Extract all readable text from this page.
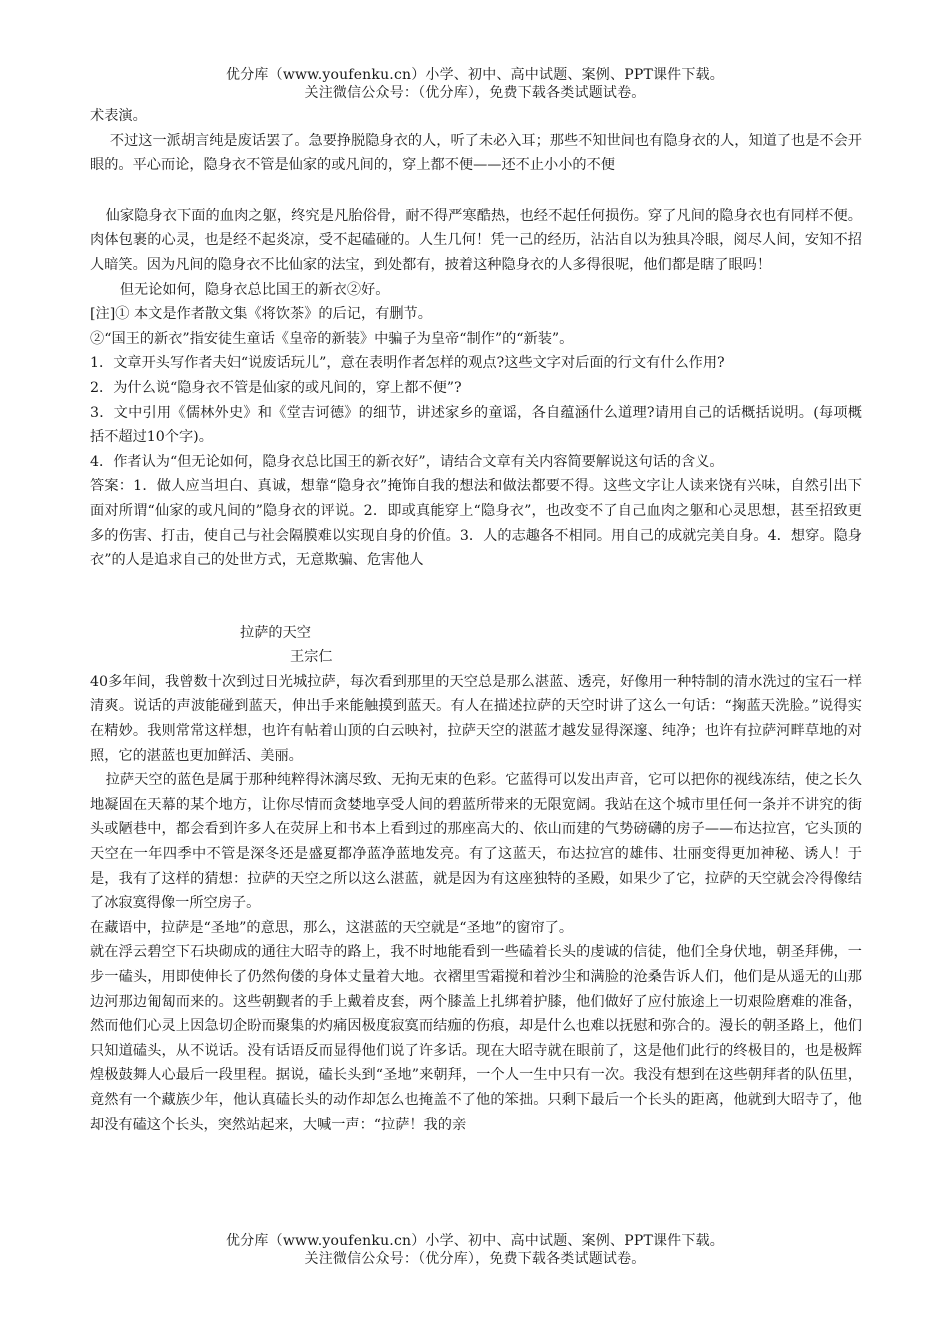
优分库（www.youfenku.cn）小学、初中、高中试题、案例、PPT课件下载。
关注微信公众号：（优分库），免费下载各类试题试卷。

术表演。

不过这一派胡言纯是废话罢了。急要挣脱隐身衣的人，听了未必入耳；那些不知世间也有隐身衣的人，知道了也是不会开眼的。平心而论，隐身衣不管是仙家的或凡间的，穿上都不便——还不止小小的不便

仙家隐身衣下面的血肉之躯，终究是凡胎俗骨，耐不得严寒酷热，也经不起任何损伤。穿了凡间的隐身衣也有同样不便。肉体包裹的心灵，也是经不起炎凉，受不起磕碰的。人生几何！凭一己的经历，沾沾自以为独具冷眼，阅尽人间，安知不招人暗笑。因为凡间的隐身衣不比仙家的法宝，到处都有，披着这种隐身衣的人多得很呢，他们都是瞎了眼吗！

但无论如何，隐身衣总比国王的新衣②好。

[注]① 本文是作者散文集《将饮茶》的后记，有删节。

②“国王的新衣”指安徒生童话《皇帝的新装》中骗子为皇帝“制作”的“新装”。

1．文章开头写作者夫妇“说废话玩儿”，意在表明作者怎样的观点?这些文字对后面的行文有什么作用?

2．为什么说“隐身衣不管是仙家的或凡间的，穿上都不便”?

3．文中引用《儒林外史》和《堂吉诃德》的细节，讲述家乡的童谣，各自蕴涵什么道理?请用自己的话概括说明。(每项概括不超过10个字)。

4．作者认为“但无论如何，隐身衣总比国王的新衣好”，请结合文章有关内容简要解说这句话的含义。

答案：1．做人应当坦白、真诚，想靠“隐身衣”掩饰自我的想法和做法都要不得。这些文字让人读来饶有兴味，自然引出下面对所谓“仙家的或凡间的”隐身衣的评说。2．即或真能穿上“隐身衣”，也改变不了自己血肉之躯和心灵思想，甚至招致更多的伤害、打击，使自己与社会隔膜难以实现自身的价值。3．人的志趣各不相同。用自己的成就完美自身。4．想穿。隐身衣”的人是追求自己的处世方式，无意欺骗、危害他人

拉萨的天空

王宗仁

40多年间，我曾数十次到过日光城拉萨，每次看到那里的天空总是那么湛蓝、透亮，好像用一种特制的清水洗过的宝石一样清爽。说话的声波能碰到蓝天，伸出手来能触摸到蓝天。有人在描述拉萨的天空时讲了这么一句话：“掬蓝天洗脸。”说得实在精妙。我则常常这样想，也许有帖着山顶的白云映衬，拉萨天空的湛蓝才越发显得深邃、纯净；也许有拉萨河畔草地的对照，它的湛蓝也更加鲜活、美丽。

拉萨天空的蓝色是属于那种纯粹得沐漓尽致、无拘无束的色彩。它蓝得可以发出声音，它可以把你的视线冻结，使之长久地凝固在天幕的某个地方，让你尽情而贪婪地享受人间的碧蓝所带来的无限宽阔。我站在这个城市里任何一条并不讲究的街头或陋巷中，都会看到许多人在荧屏上和书本上看到过的那座高大的、依山而建的气势磅礴的房子——布达拉宫，它头顶的天空在一年四季中不管是深冬还是盛夏都净蓝净蓝地发亮。有了这蓝天，布达拉宫的雄伟、壮丽变得更加神秘、诱人！于是，我有了这样的猜想：拉萨的天空之所以这么湛蓝，就是因为有这座独特的圣殿，如果少了它，拉萨的天空就会冷得像结了冰寂寞得像一所空房子。

在藏语中，拉萨是“圣地”的意思，那么，这湛蓝的天空就是“圣地”的窗帘了。

就在浮云碧空下石块砌成的通往大昭寺的路上，我不时地能看到一些磕着长头的虔诚的信徒，他们全身伏地，朝圣拜佛，一步一磕头，用即使伸长了仍然佝偻的身体丈量着大地。衣褶里雪霜搅和着沙尘和满脸的沧桑告诉人们，他们是从遥无的山那边河那边匍匐而来的。这些朝觐者的手上戴着皮套，两个膝盖上扎绑着护膝，他们做好了应付旅途上一切艰险磨难的准备，然而他们心灵上因急切企盼而聚集的灼痛因极度寂寞而结痂的伤痕，却是什么也难以抚慰和弥合的。漫长的朝圣路上，他们只知道磕头，从不说话。没有话语反而显得他们说了许多话。现在大昭寺就在眼前了，这是他们此行的终极目的，也是极辉煌极鼓舞人心最后一段里程。据说，磕长头到“圣地”来朝拜，一个人一生中只有一次。我没有想到在这些朝拜者的队伍里，竟然有一个藏族少年，他认真磕长头的动作却怎么也掩盖不了他的笨拙。只剩下最后一个长头的距离，他就到大昭寺了，他却没有磕这个长头，突然站起来，大喊一声：“拉萨！我的亲

优分库（www.youfenku.cn）小学、初中、高中试题、案例、PPT课件下载。
关注微信公众号：（优分库），免费下载各类试题试卷。
